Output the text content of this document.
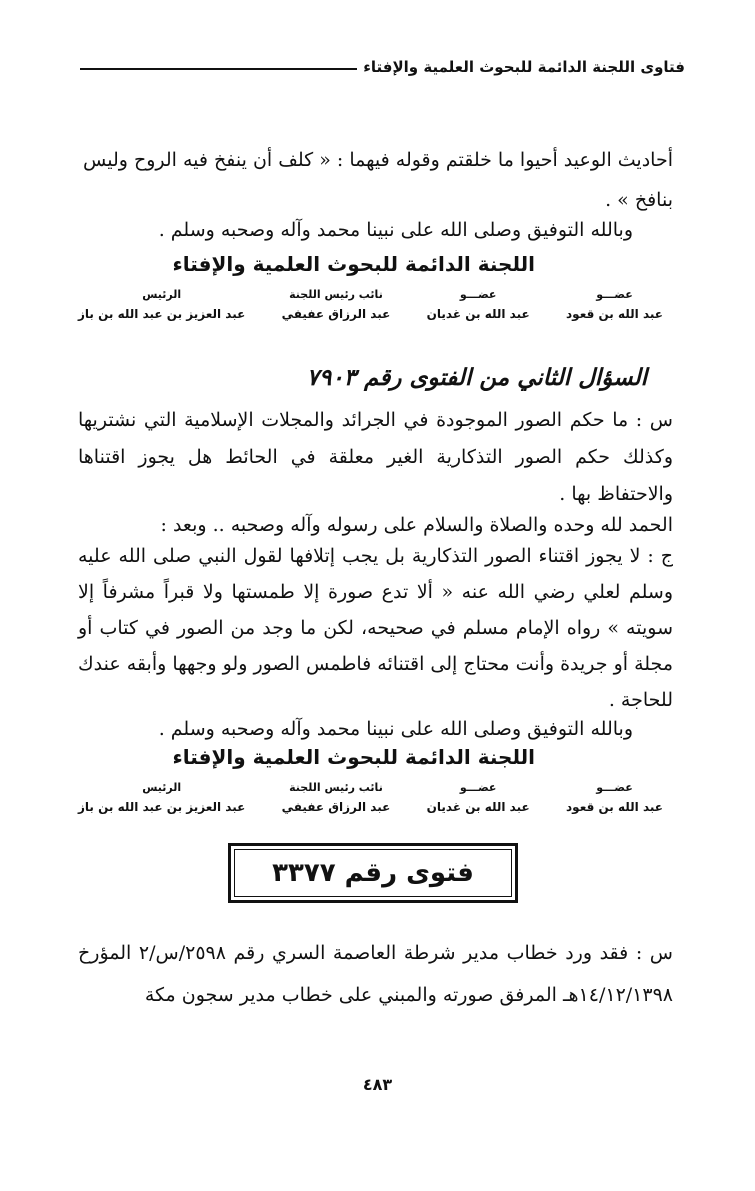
فتاوى اللجنة الدائمة للبحوث العلمية والإفتاء
أحاديث الوعيد أحيوا ما خلقتم وقوله فيهما : « كلف أن ينفخ فيه الروح وليس
بنافخ » .
وبالله التوفيق وصلى الله على نبينا محمد وآله وصحبه وسلم .
اللجنة الدائمة للبحوث العلمية والإفتاء
عضـــو
عبد الله بن قعود
عضـــو
عبد الله بن غديان
نائب رئيس اللجنة
عبد الرزاق عفيفي
الرئيس
عبد العزيز بن عبد الله بن باز
السؤال الثاني من الفتوى رقم ٧٩٠٣
س : ما حكم الصور الموجودة في الجرائد والمجلات الإسلامية التي نشتريها وكذلك حكم الصور التذكارية الغير معلقة في الحائط هل يجوز اقتناها والاحتفاظ بها .
الحمد لله وحده والصلاة والسلام على رسوله وآله وصحبه .. وبعد :
ج : لا يجوز اقتناء الصور التذكارية بل يجب إتلافها لقول النبي صلى الله عليه وسلم لعلي رضي الله عنه « ألا تدع صورة إلا طمستها ولا قبراً مشرفاً إلا سويته » رواه الإمام مسلم في صحيحه، لكن ما وجد من الصور في كتاب أو مجلة أو جريدة وأنت محتاج إلى اقتنائه فاطمس الصور ولو وجهها وأبقه عندك للحاجة .
وبالله التوفيق وصلى الله على نبينا محمد وآله وصحبه وسلم .
اللجنة الدائمة للبحوث العلمية والإفتاء
عضـــو
عبد الله بن قعود
عضـــو
عبد الله بن غديان
نائب رئيس اللجنة
عبد الرزاق عفيفي
الرئيس
عبد العزيز بن عبد الله بن باز
فتوى رقم ٣٣٧٧
س : فقد ورد خطاب مدير شرطة العاصمة السري رقم ٢٥٩٨/س/٢ المؤرخ ١٤/١٢/١٣٩٨هـ المرفق صورته والمبني على خطاب مدير سجون مكة
٤٨٣
